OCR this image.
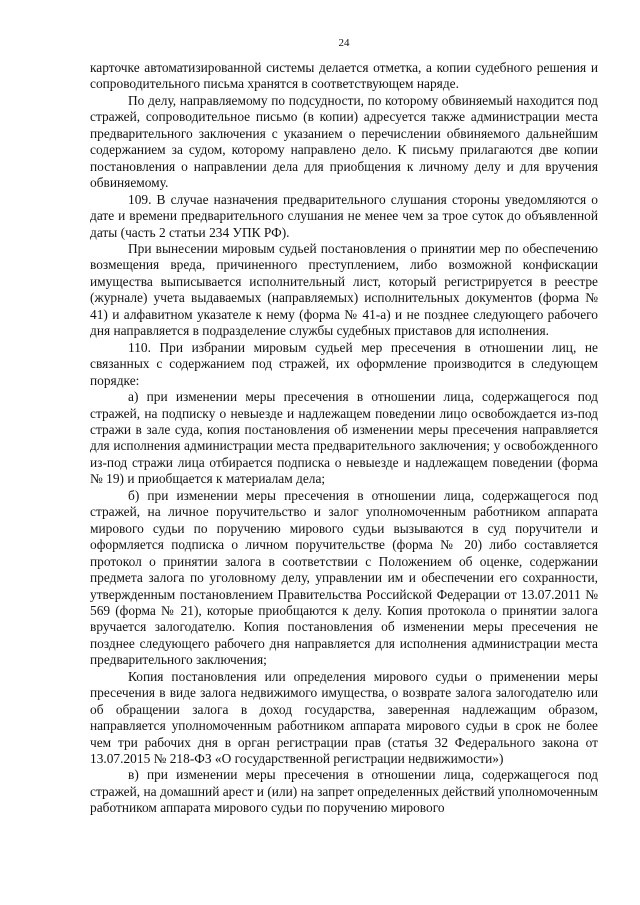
24

карточке автоматизированной системы делается отметка, а копии судебного решения и сопроводительного письма хранятся в соответствующем наряде.

По делу, направляемому по подсудности, по которому обвиняемый находится под стражей, сопроводительное письмо (в копии) адресуется также администрации места предварительного заключения с указанием о перечислении обвиняемого дальнейшим содержанием за судом, которому направлено дело. К письму прилагаются две копии постановления о направлении дела для приобщения к личному делу и для вручения обвиняемому.

109. В случае назначения предварительного слушания стороны уведомляются о дате и времени предварительного слушания не менее чем за трое суток до объявленной даты (часть 2 статьи 234 УПК РФ).

При вынесении мировым судьей постановления о принятии мер по обеспечению возмещения вреда, причиненного преступлением, либо возможной конфискации имущества выписывается исполнительный лист, который регистрируется в реестре (журнале) учета выдаваемых (направляемых) исполнительных документов (форма № 41) и алфавитном указателе к нему (форма № 41-а) и не позднее следующего рабочего дня направляется в подразделение службы судебных приставов для исполнения.

110. При избрании мировым судьей мер пресечения в отношении лиц, не связанных с содержанием под стражей, их оформление производится в следующем порядке:

а) при изменении меры пресечения в отношении лица, содержащегося под стражей, на подписку о невыезде и надлежащем поведении лицо освобождается из-под стражи в зале суда, копия постановления об изменении меры пресечения направляется для исполнения администрации места предварительного заключения; у освобожденного из-под стражи лица отбирается подписка о невыезде и надлежащем поведении (форма № 19) и приобщается к материалам дела;

б) при изменении меры пресечения в отношении лица, содержащегося под стражей, на личное поручительство и залог уполномоченным работником аппарата мирового судьи по поручению мирового судьи вызываются в суд поручители и оформляется подписка о личном поручительстве (форма № 20) либо составляется протокол о принятии залога в соответствии с Положением об оценке, содержании предмета залога по уголовному делу, управлении им и обеспечении его сохранности, утвержденным постановлением Правительства Российской Федерации от 13.07.2011 № 569 (форма № 21), которые приобщаются к делу. Копия протокола о принятии залога вручается залогодателю. Копия постановления об изменении меры пресечения не позднее следующего рабочего дня направляется для исполнения администрации места предварительного заключения;

Копия постановления или определения мирового судьи о применении меры пресечения в виде залога недвижимого имущества, о возврате залога залогодателю или об обращении залога в доход государства, заверенная надлежащим образом, направляется уполномоченным работником аппарата мирового судьи в срок не более чем три рабочих дня в орган регистрации прав (статья 32 Федерального закона от 13.07.2015 № 218-ФЗ «О государственной регистрации недвижимости»)

в) при изменении меры пресечения в отношении лица, содержащегося под стражей, на домашний арест и (или) на запрет определенных действий уполномоченным работником аппарата мирового судьи по поручению мирового
